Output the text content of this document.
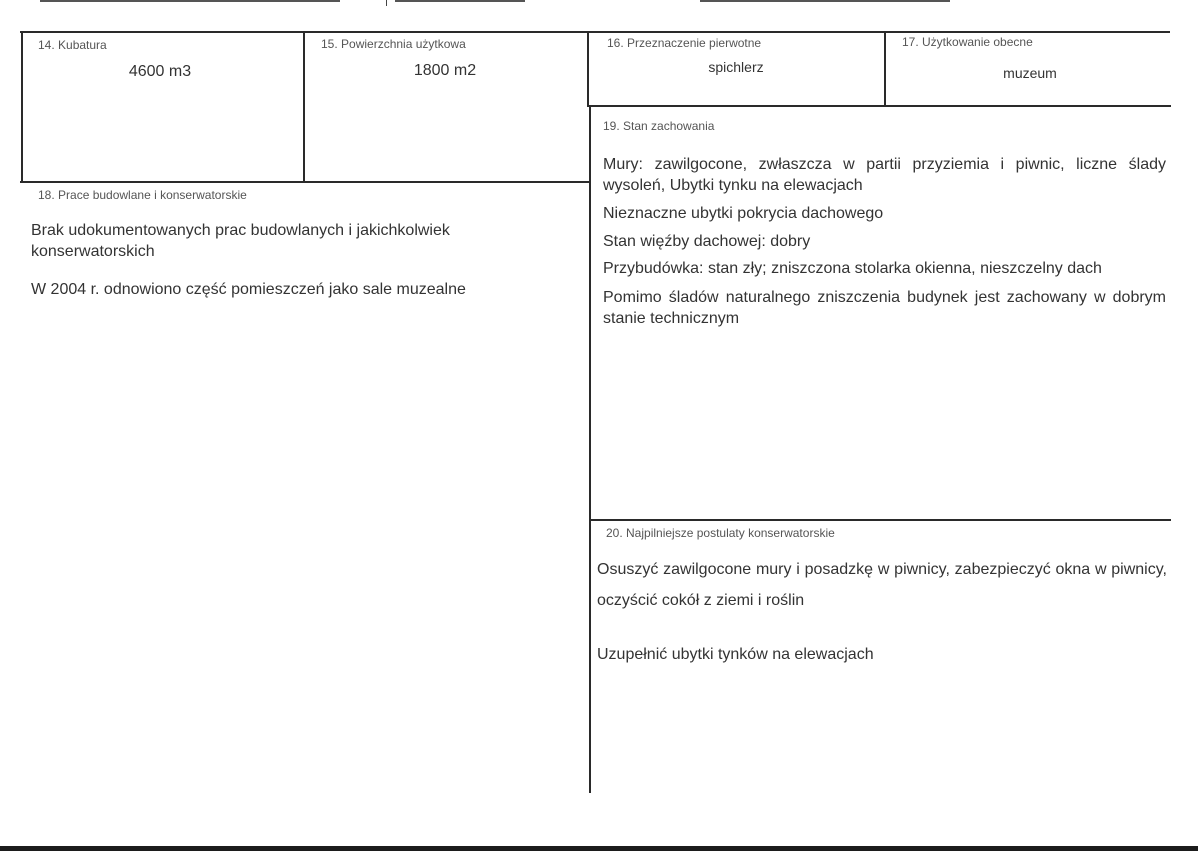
14. Kubatura
4600 m3
15. Powierzchnia użytkowa
1800 m2
16. Przeznaczenie pierwotne
spichlerz
17. Użytkowanie obecne
muzeum
18. Prace budowlane i konserwatorskie

Brak udokumentowanych prac budowlanych i jakichkolwiek konserwatorskich

W 2004 r. odnowiono część pomieszczeń jako sale muzealne

19. Stan zachowania

Mury: zawilgocone, zwłaszcza w partii przyziemia i piwnic, liczne ślady wysoleń, Ubytki tynku na elewacjach

Nieznaczne ubytki pokrycia dachowego

Stan więźby dachowej: dobry

Przybudówka: stan zły; zniszczona stolarka okienna, nieszczelny dach

Pomimo śladów naturalnego zniszczenia budynek jest zachowany w dobrym stanie technicznym

20. Najpilniejsze postulaty konserwatorskie

Osuszyć zawilgocone mury i posadzkę w piwnicy, zabezpieczyć okna w piwnicy, oczyścić cokół z ziemi i roślin

Uzupełnić ubytki tynków na elewacjach
